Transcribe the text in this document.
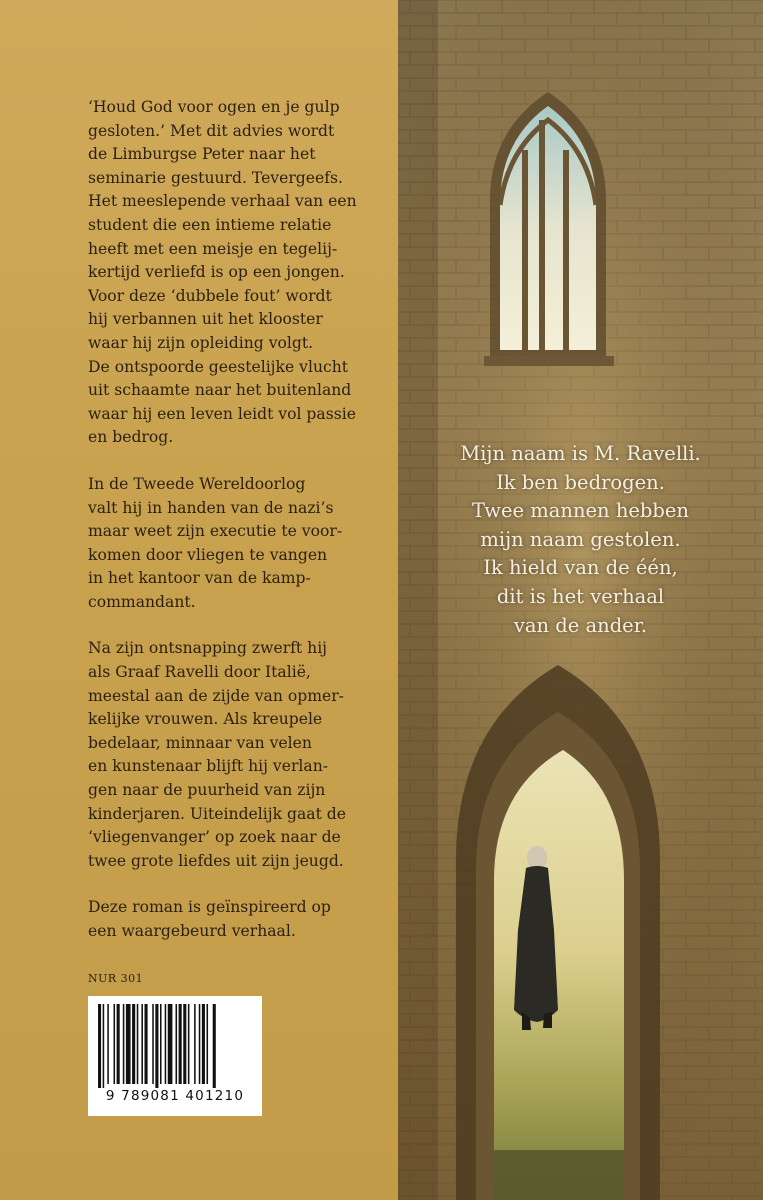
‘Houd God voor ogen en je gulp
gesloten.’ Met dit advies wordt
de Limburgse Peter naar het
seminarie gestuurd. Tevergeefs.
Het meeslepende verhaal van een
student die een intieme relatie
heeft met een meisje en tegelij-
kertijd verliefd is op een jongen.
Voor deze ‘dubbele fout’ wordt
hij verbannen uit het klooster
waar hij zijn opleiding volgt.
De ontspoorde geestelijke vlucht
uit schaamte naar het buitenland
waar hij een leven leidt vol passie
en bedrog.

In de Tweede Wereldoorlog
valt hij in handen van de nazi’s
maar weet zijn executie te voor-
komen door vliegen te vangen
in het kantoor van de kamp-
commandant.

Na zijn ontsnapping zwerft hij
als Graaf Ravelli door Italië,
meestal aan de zijde van opmer-
kelijke vrouwen. Als kreupele
bedelaar, minnaar van velen
en kunstenaar blijft hij verlan-
gen naar de puurheid van zijn
kinderjaren. Uiteindelijk gaat de
‘vliegenvanger’ op zoek naar de
twee grote liefdes uit zijn jeugd.

Deze roman is geïnspireerd op
een waargebeurd verhaal.

NUR 301
9 789081 401210
Mijn naam is M. Ravelli.
Ik ben bedrogen.
Twee mannen hebben
mijn naam gestolen.
Ik hield van de één,
dit is het verhaal
van de ander.
